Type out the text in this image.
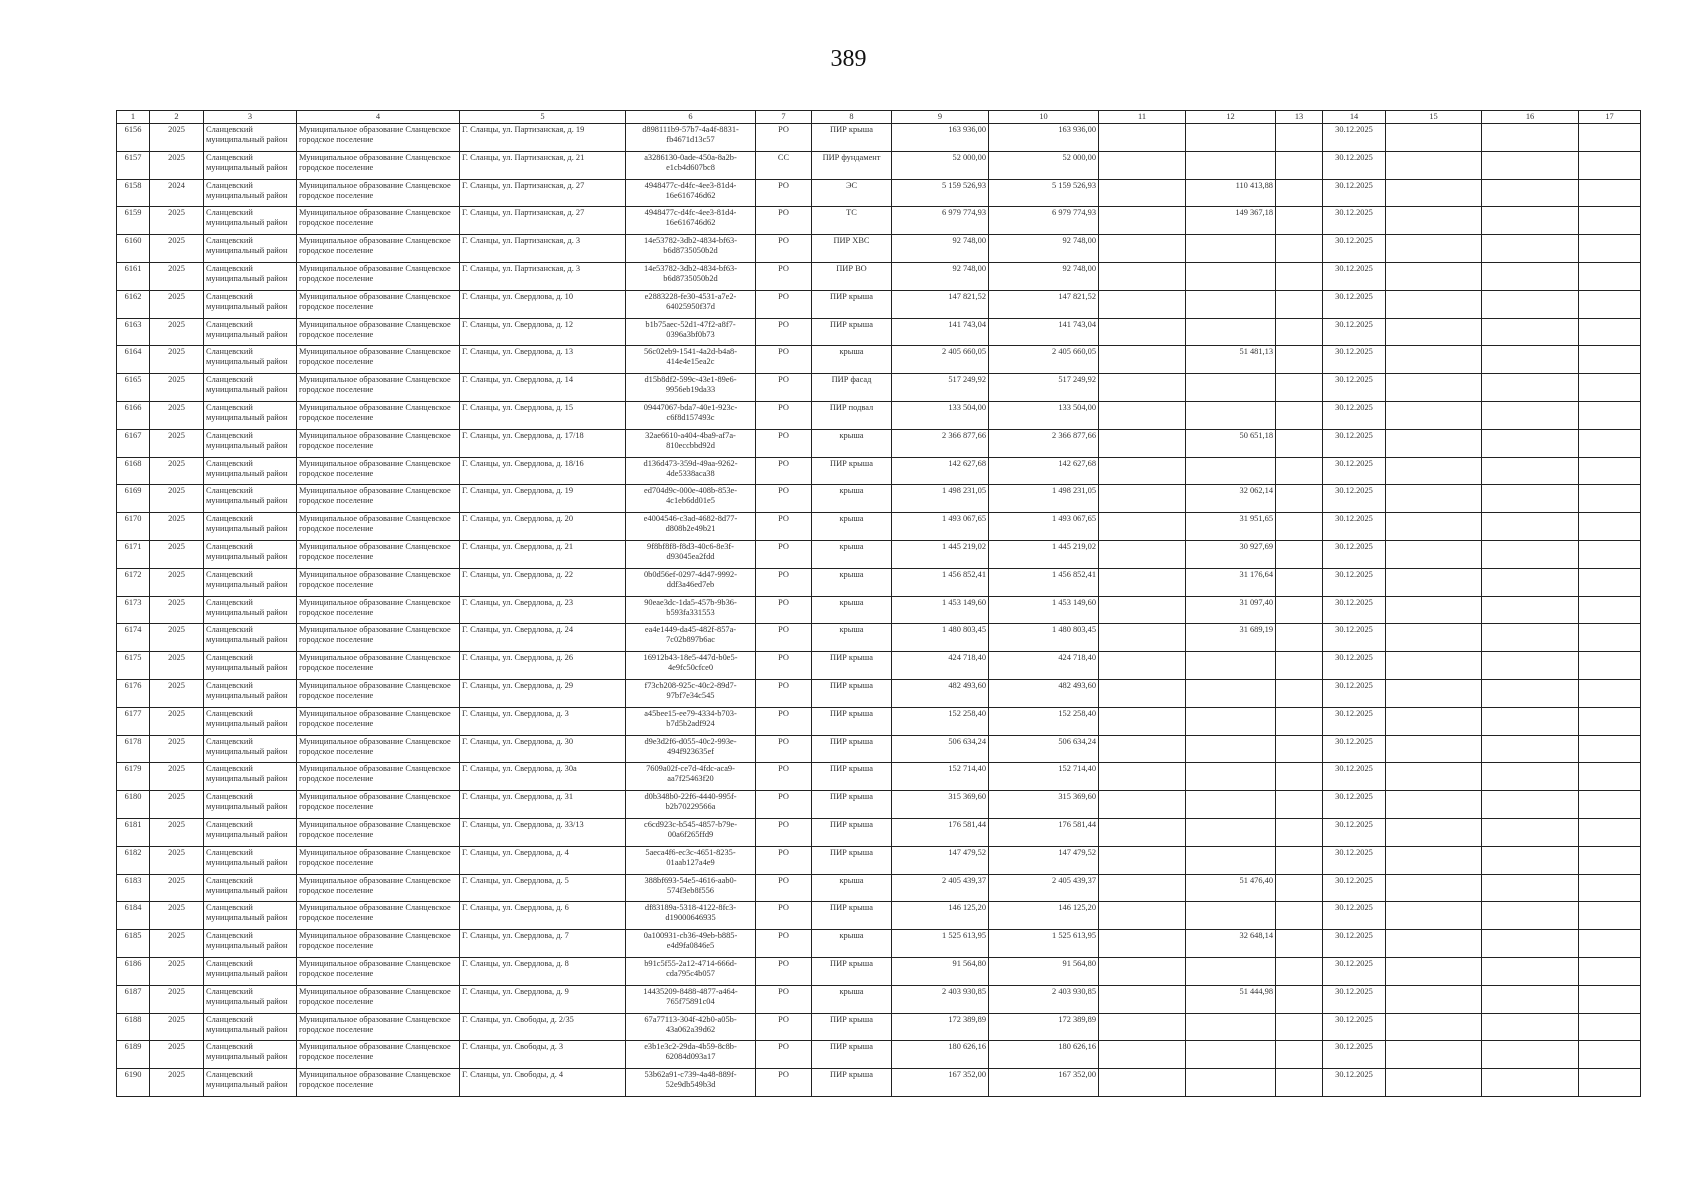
389
1	2	3	4	5	6	7	8	9	10	11	12	13	14	15	16	17
6156	2025	Сланцевский муниципальный район	Муниципальное образование Сланцевское городское поселение	Г. Сланцы, ул. Партизанская, д. 19	d898111b9-57b7-4a4f-8831-fb4671d13c57	РО	ПИР крыша	163 936,00	163 936,00				30.12.2025			
6157	2025	Сланцевский муниципальный район	Муниципальное образование Сланцевское городское поселение	Г. Сланцы, ул. Партизанская, д. 21	a3286130-0ade-450a-8a2b-e1cb4d607bc8	СС	ПИР фундамент	52 000,00	52 000,00				30.12.2025			
6158	2024	Сланцевский муниципальный район	Муниципальное образование Сланцевское городское поселение	Г. Сланцы, ул. Партизанская, д. 27	4948477c-d4fc-4ee3-81d4-16e616746d62	РО	ЭС	5 159 526,93	5 159 526,93		110 413,88		30.12.2025			
6159	2025	Сланцевский муниципальный район	Муниципальное образование Сланцевское городское поселение	Г. Сланцы, ул. Партизанская, д. 27	4948477c-d4fc-4ee3-81d4-16e616746d62	РО	ТС	6 979 774,93	6 979 774,93		149 367,18		30.12.2025			
6160	2025	Сланцевский муниципальный район	Муниципальное образование Сланцевское городское поселение	Г. Сланцы, ул. Партизанская, д. 3	14e53782-3db2-4834-bf63-b6d8735050b2d	РО	ПИР ХВС	92 748,00	92 748,00				30.12.2025			
6161	2025	Сланцевский муниципальный район	Муниципальное образование Сланцевское городское поселение	Г. Сланцы, ул. Партизанская, д. 3	14e53782-3db2-4834-bf63-b6d8735050b2d	РО	ПИР ВО	92 748,00	92 748,00				30.12.2025			
6162	2025	Сланцевский муниципальный район	Муниципальное образование Сланцевское городское поселение	Г. Сланцы, ул. Свердлова, д. 10	e2883228-fe30-4531-a7e2-64025950f37d	РО	ПИР крыша	147 821,52	147 821,52				30.12.2025			
6163	2025	Сланцевский муниципальный район	Муниципальное образование Сланцевское городское поселение	Г. Сланцы, ул. Свердлова, д. 12	b1b75aec-52d1-47f2-a8f7-0396a3bf0b73	РО	ПИР крыша	141 743,04	141 743,04				30.12.2025			
6164	2025	Сланцевский муниципальный район	Муниципальное образование Сланцевское городское поселение	Г. Сланцы, ул. Свердлова, д. 13	56c02eb9-1541-4a2d-b4a8-414e4e15ea2c	РО	крыша	2 405 660,05	2 405 660,05		51 481,13		30.12.2025			
6165	2025	Сланцевский муниципальный район	Муниципальное образование Сланцевское городское поселение	Г. Сланцы, ул. Свердлова, д. 14	d15b8df2-599c-43e1-89e6-9956eb19da33	РО	ПИР фасад	517 249,92	517 249,92				30.12.2025			
6166	2025	Сланцевский муниципальный район	Муниципальное образование Сланцевское городское поселение	Г. Сланцы, ул. Свердлова, д. 15	09447067-bda7-40e1-923c-c6f8d157493c	РО	ПИР подвал	133 504,00	133 504,00				30.12.2025			
6167	2025	Сланцевский муниципальный район	Муниципальное образование Сланцевское городское поселение	Г. Сланцы, ул. Свердлова, д. 17/18	32ae6610-a404-4ba9-af7a-810eccbbd92d	РО	крыша	2 366 877,66	2 366 877,66		50 651,18		30.12.2025			
6168	2025	Сланцевский муниципальный район	Муниципальное образование Сланцевское городское поселение	Г. Сланцы, ул. Свердлова, д. 18/16	d136d473-359d-49aa-9262-4de5338aca38	РО	ПИР крыша	142 627,68	142 627,68				30.12.2025			
6169	2025	Сланцевский муниципальный район	Муниципальное образование Сланцевское городское поселение	Г. Сланцы, ул. Свердлова, д. 19	ed704d9c-000e-408b-853e-4c1eb6dd01e5	РО	крыша	1 498 231,05	1 498 231,05		32 062,14		30.12.2025			
6170	2025	Сланцевский муниципальный район	Муниципальное образование Сланцевское городское поселение	Г. Сланцы, ул. Свердлова, д. 20	e4004546-c3ad-4682-8d77-d808b2e49b21	РО	крыша	1 493 067,65	1 493 067,65		31 951,65		30.12.2025			
6171	2025	Сланцевский муниципальный район	Муниципальное образование Сланцевское городское поселение	Г. Сланцы, ул. Свердлова, д. 21	9f8bf8f8-f8d3-40c6-8e3f-d93045ea2fdd	РО	крыша	1 445 219,02	1 445 219,02		30 927,69		30.12.2025			
6172	2025	Сланцевский муниципальный район	Муниципальное образование Сланцевское городское поселение	Г. Сланцы, ул. Свердлова, д. 22	0b0d56ef-0297-4d47-9992-ddf3a46ed7eb	РО	крыша	1 456 852,41	1 456 852,41		31 176,64		30.12.2025			
6173	2025	Сланцевский муниципальный район	Муниципальное образование Сланцевское городское поселение	Г. Сланцы, ул. Свердлова, д. 23	90eae3dc-1da5-457b-9b36-b593fa331553	РО	крыша	1 453 149,60	1 453 149,60		31 097,40		30.12.2025			
6174	2025	Сланцевский муниципальный район	Муниципальное образование Сланцевское городское поселение	Г. Сланцы, ул. Свердлова, д. 24	ea4e1449-da45-482f-857a-7c02b897b6ac	РО	крыша	1 480 803,45	1 480 803,45		31 689,19		30.12.2025			
6175	2025	Сланцевский муниципальный район	Муниципальное образование Сланцевское городское поселение	Г. Сланцы, ул. Свердлова, д. 26	16912b43-18e5-447d-b0e5-4e9fc50cfce0	РО	ПИР крыша	424 718,40	424 718,40				30.12.2025			
6176	2025	Сланцевский муниципальный район	Муниципальное образование Сланцевское городское поселение	Г. Сланцы, ул. Свердлова, д. 29	f73cb208-925c-40c2-89d7-97bf7e34c545	РО	ПИР крыша	482 493,60	482 493,60				30.12.2025			
6177	2025	Сланцевский муниципальный район	Муниципальное образование Сланцевское городское поселение	Г. Сланцы, ул. Свердлова, д. 3	a45bee15-ee79-4334-b703-b7d5b2adf924	РО	ПИР крыша	152 258,40	152 258,40				30.12.2025			
6178	2025	Сланцевский муниципальный район	Муниципальное образование Сланцевское городское поселение	Г. Сланцы, ул. Свердлова, д. 30	d9e3d2f6-d055-40c2-993e-494f923635ef	РО	ПИР крыша	506 634,24	506 634,24				30.12.2025			
6179	2025	Сланцевский муниципальный район	Муниципальное образование Сланцевское городское поселение	Г. Сланцы, ул. Свердлова, д. 30а	7609a02f-ce7d-4fdc-aca9-aa7f25463f20	РО	ПИР крыша	152 714,40	152 714,40				30.12.2025			
6180	2025	Сланцевский муниципальный район	Муниципальное образование Сланцевское городское поселение	Г. Сланцы, ул. Свердлова, д. 31	d0b348b0-22f6-4440-995f-b2b70229566a	РО	ПИР крыша	315 369,60	315 369,60				30.12.2025			
6181	2025	Сланцевский муниципальный район	Муниципальное образование Сланцевское городское поселение	Г. Сланцы, ул. Свердлова, д. 33/13	c6cd923c-b545-4857-b79e-00a6f265ffd9	РО	ПИР крыша	176 581,44	176 581,44				30.12.2025			
6182	2025	Сланцевский муниципальный район	Муниципальное образование Сланцевское городское поселение	Г. Сланцы, ул. Свердлова, д. 4	5aeca4f6-ec3c-4651-8235-01aab127a4e9	РО	ПИР крыша	147 479,52	147 479,52				30.12.2025			
6183	2025	Сланцевский муниципальный район	Муниципальное образование Сланцевское городское поселение	Г. Сланцы, ул. Свердлова, д. 5	388bf693-54e5-4616-aab0-574f3eb8f556	РО	крыша	2 405 439,37	2 405 439,37		51 476,40		30.12.2025			
6184	2025	Сланцевский муниципальный район	Муниципальное образование Сланцевское городское поселение	Г. Сланцы, ул. Свердлова, д. 6	df83189a-5318-4122-8fc3-d19000646935	РО	ПИР крыша	146 125,20	146 125,20				30.12.2025			
6185	2025	Сланцевский муниципальный район	Муниципальное образование Сланцевское городское поселение	Г. Сланцы, ул. Свердлова, д. 7	0a100931-cb36-49eb-b885-e4d9fa0846e5	РО	крыша	1 525 613,95	1 525 613,95		32 648,14		30.12.2025			
6186	2025	Сланцевский муниципальный район	Муниципальное образование Сланцевское городское поселение	Г. Сланцы, ул. Свердлова, д. 8	b91c5f55-2a12-4714-666d-cda795c4b057	РО	ПИР крыша	91 564,80	91 564,80				30.12.2025			
6187	2025	Сланцевский муниципальный район	Муниципальное образование Сланцевское городское поселение	Г. Сланцы, ул. Свердлова, д. 9	14435209-8488-4877-a464-765f75891c04	РО	крыша	2 403 930,85	2 403 930,85		51 444,98		30.12.2025			
6188	2025	Сланцевский муниципальный район	Муниципальное образование Сланцевское городское поселение	Г. Сланцы, ул. Свободы, д. 2/35	67a77113-304f-42b0-a05b-43a062a39d62	РО	ПИР крыша	172 389,89	172 389,89				30.12.2025			
6189	2025	Сланцевский муниципальный район	Муниципальное образование Сланцевское городское поселение	Г. Сланцы, ул. Свободы, д. 3	e3b1e3c2-29da-4b59-8c8b-62084d093a17	РО	ПИР крыша	180 626,16	180 626,16				30.12.2025			
6190	2025	Сланцевский муниципальный район	Муниципальное образование Сланцевское городское поселение	Г. Сланцы, ул. Свободы, д. 4	53b62a91-c739-4a48-889f-52e9db549b3d	РО	ПИР крыша	167 352,00	167 352,00				30.12.2025			
